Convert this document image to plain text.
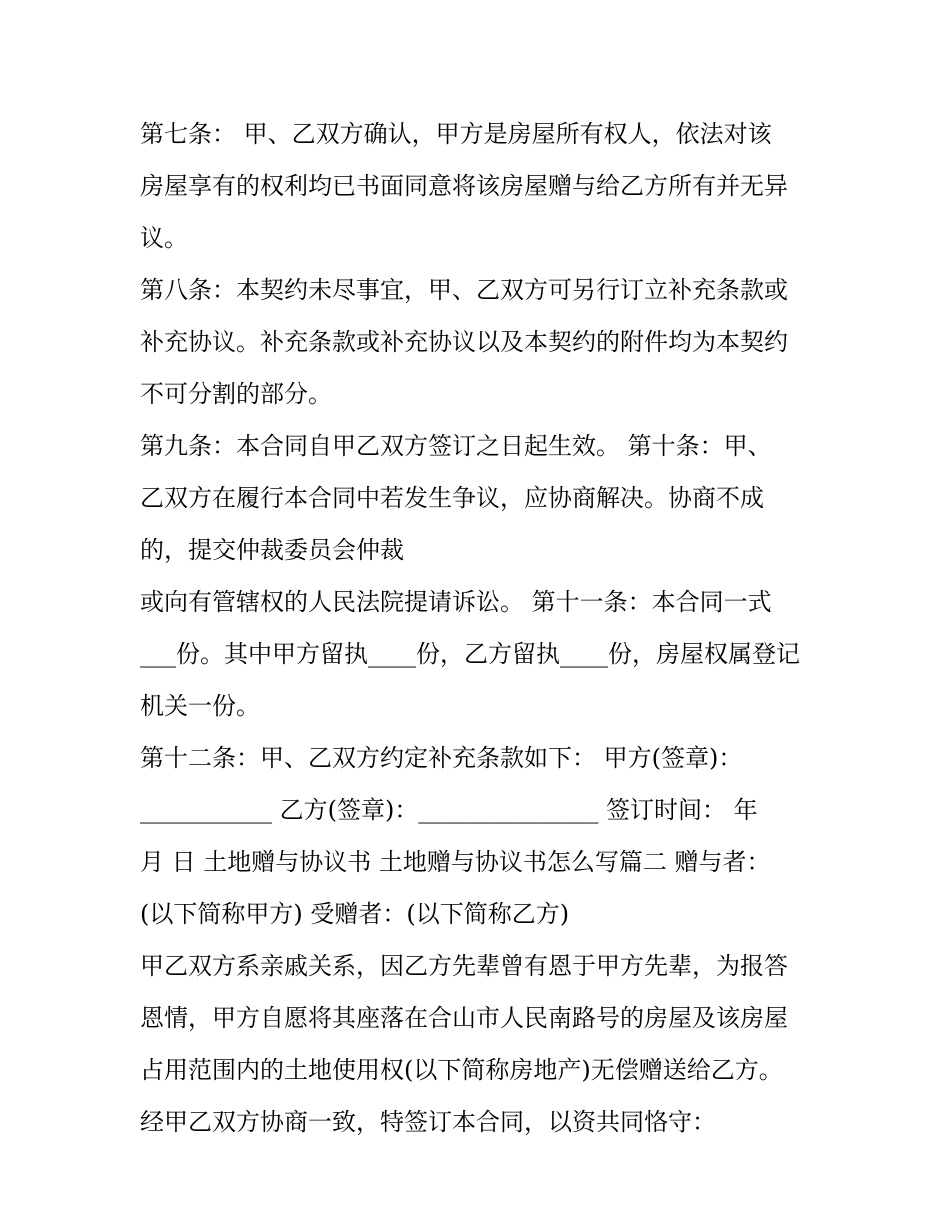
第七条： 甲、乙双方确认，甲方是房屋所有权人，依法对该
房屋享有的权利均已书面同意将该房屋赠与给乙方所有并无异
议。
第八条：本契约未尽事宜，甲、乙双方可另行订立补充条款或
补充协议。补充条款或补充协议以及本契约的附件均为本契约
不可分割的部分。
第九条：本合同自甲乙双方签订之日起生效。 第十条：甲、
乙双方在履行本合同中若发生争议，应协商解决。协商不成
的，提交仲裁委员会仲裁
或向有管辖权的人民法院提请诉讼。 第十一条：本合同一式
___份。其中甲方留执____份，乙方留执____份，房屋权属登记
机关一份。
第十二条：甲、乙双方约定补充条款如下： 甲方(签章)：
___________ 乙方(签章)：_______________ 签订时间： 年
月 日 土地赠与协议书 土地赠与协议书怎么写篇二 赠与者：
(以下简称甲方) 受赠者：(以下简称乙方)
甲乙双方系亲戚关系，因乙方先辈曾有恩于甲方先辈，为报答
恩情，甲方自愿将其座落在合山市人民南路号的房屋及该房屋
占用范围内的土地使用权(以下简称房地产)无偿赠送给乙方。
经甲乙双方协商一致，特签订本合同，以资共同恪守：
